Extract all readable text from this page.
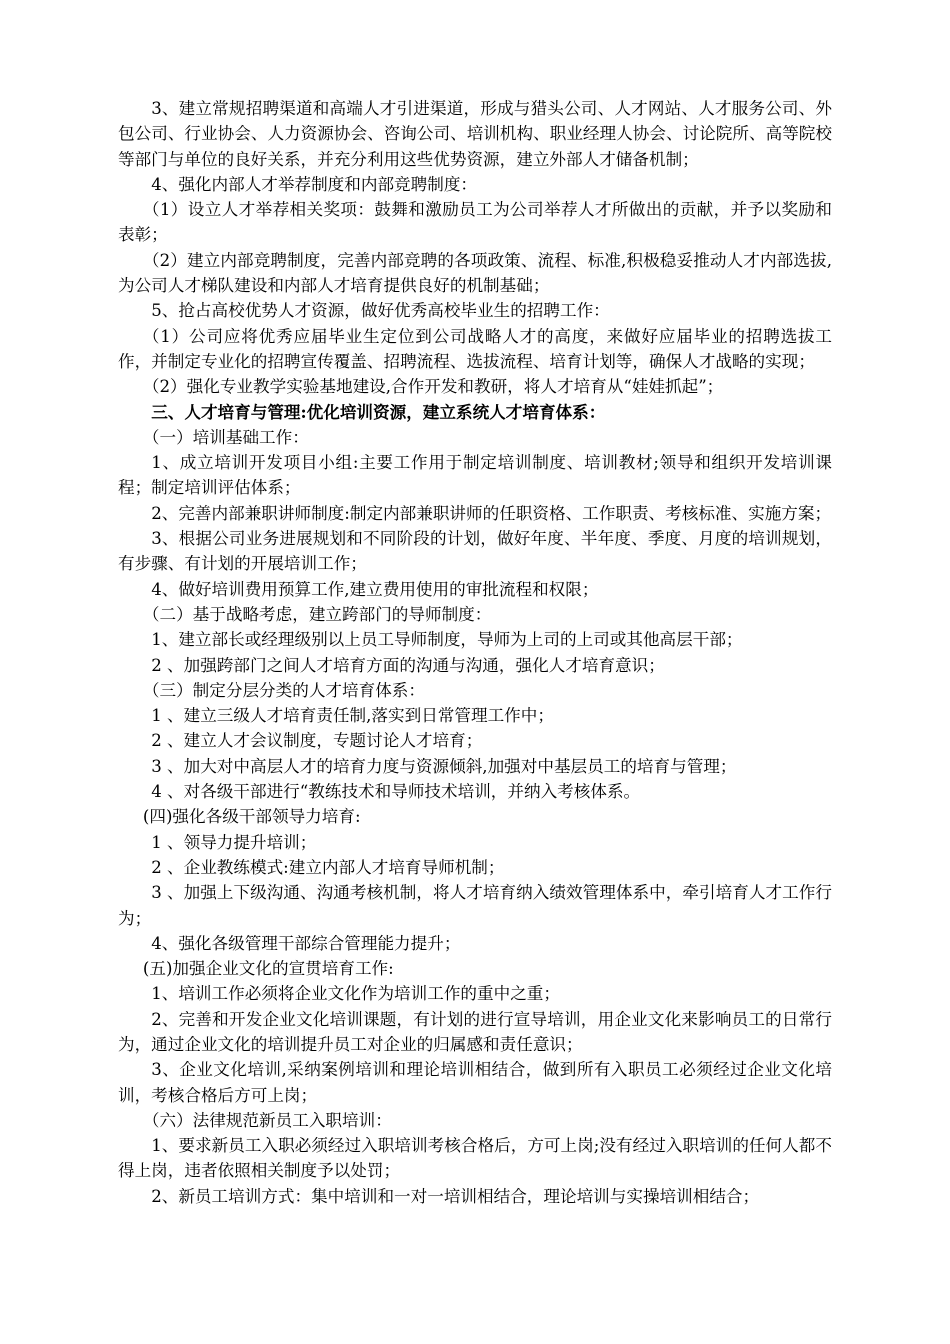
3、建立常规招聘渠道和高端人才引进渠道，形成与猎头公司、人才网站、人才服务公司、外包公司、行业协会、人力资源协会、咨询公司、培训机构、职业经理人协会、讨论院所、高等院校等部门与单位的良好关系，并充分利用这些优势资源，建立外部人才储备机制；

4、强化内部人才举荐制度和内部竞聘制度：

（1）设立人才举荐相关奖项：鼓舞和激励员工为公司举荐人才所做出的贡献，并予以奖励和表彰；

（2）建立内部竞聘制度，完善内部竞聘的各项政策、流程、标准,积极稳妥推动人才内部选拔,为公司人才梯队建设和内部人才培育提供良好的机制基础；

5、抢占高校优势人才资源，做好优秀高校毕业生的招聘工作：

（1）公司应将优秀应届毕业生定位到公司战略人才的高度，来做好应届毕业的招聘选拔工作，并制定专业化的招聘宣传覆盖、招聘流程、选拔流程、培育计划等，确保人才战略的实现；

（2）强化专业教学实验基地建设,合作开发和教研，将人才培育从“娃娃抓起”；

三、人才培育与管理:优化培训资源，建立系统人才培育体系：

（一）培训基础工作：

1、成立培训开发项目小组:主要工作用于制定培训制度、培训教材;领导和组织开发培训课程；制定培训评估体系；

2、完善内部兼职讲师制度:制定内部兼职讲师的任职资格、工作职责、考核标准、实施方案；

3、根据公司业务进展规划和不同阶段的计划，做好年度、半年度、季度、月度的培训规划，有步骤、有计划的开展培训工作；

4、做好培训费用预算工作,建立费用使用的审批流程和权限；

（二）基于战略考虑，建立跨部门的导师制度：

1、建立部长或经理级别以上员工导师制度，导师为上司的上司或其他高层干部；

2 、加强跨部门之间人才培育方面的沟通与沟通，强化人才培育意识；

（三）制定分层分类的人才培育体系：

1 、建立三级人才培育责任制,落实到日常管理工作中；

2 、建立人才会议制度，专题讨论人才培育；

3 、加大对中高层人才的培育力度与资源倾斜,加强对中基层员工的培育与管理；

4 、对各级干部进行“教练技术和导师技术培训，并纳入考核体系。

(四)强化各级干部领导力培育:

1 、领导力提升培训；

2 、企业教练模式:建立内部人才培育导师机制；

3 、加强上下级沟通、沟通考核机制，将人才培育纳入绩效管理体系中，牵引培育人才工作行为；

4、强化各级管理干部综合管理能力提升；

(五)加强企业文化的宣贯培育工作:

1、培训工作必须将企业文化作为培训工作的重中之重；

2、完善和开发企业文化培训课题，有计划的进行宣导培训，用企业文化来影响员工的日常行为，通过企业文化的培训提升员工对企业的归属感和责任意识；

3、企业文化培训,采纳案例培训和理论培训相结合，做到所有入职员工必须经过企业文化培训，考核合格后方可上岗；

（六）法律规范新员工入职培训：

1、要求新员工入职必须经过入职培训考核合格后，方可上岗;没有经过入职培训的任何人都不得上岗，违者依照相关制度予以处罚；

2、新员工培训方式：集中培训和一对一培训相结合，理论培训与实操培训相结合；
